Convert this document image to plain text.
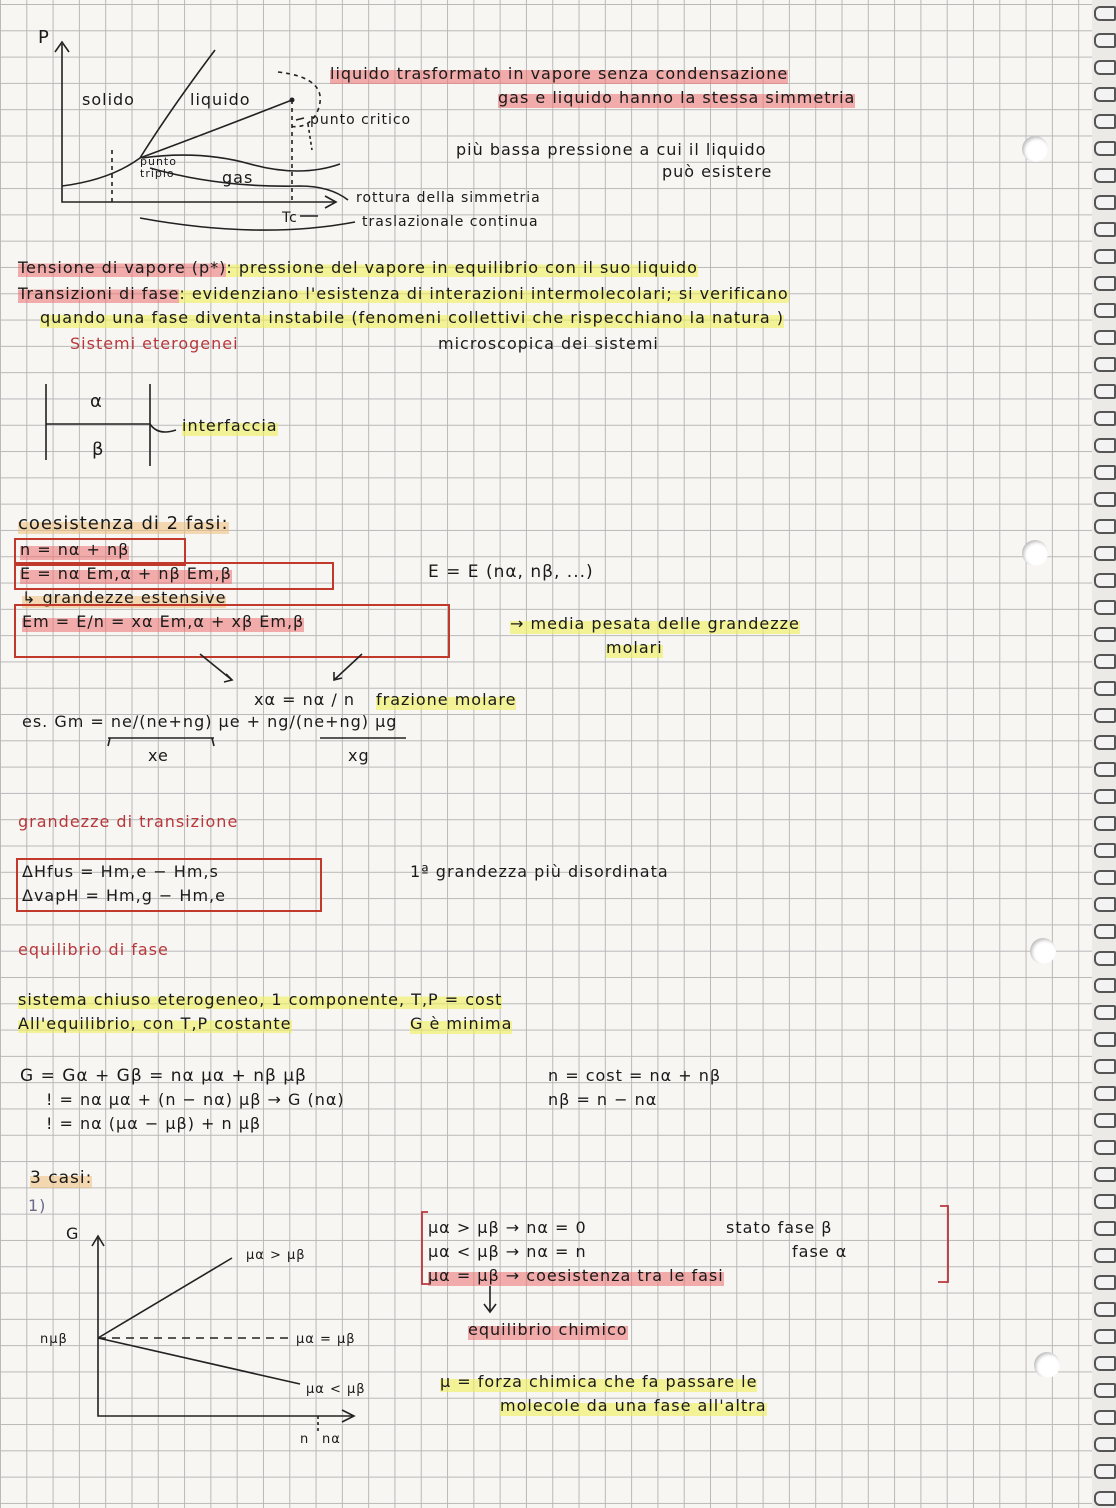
P
solido	liquido
punto triplo	gas
Tc
punto critico
liquido trasformato in vapore senza condensazione
gas e liquido hanno la stessa simmetria
più bassa pressione a cui il liquido
può esistere
rottura della simmetria
traslazionale continua
Tensione di vapore (p*): pressione del vapore in equilibrio con il suo liquido
Transizioni di fase: evidenziano l'esistenza di interazioni intermolecolari; si verificano
quando una fase diventa instabile (fenomeni collettivi che rispecchiano la natura )
Sistemi eterogenei	microscopica dei sistemi
α
β
interfaccia
coesistenza di 2 fasi:
n = nα + nβ
E = nα Em,α + nβ Em,β	E = E (nα, nβ, ...)
↳ grandezze estensive
Em = E/n = xα Em,α + xβ Em,β	→ media pesata delle grandezze
molari
xα = nα / n frazione molare
es. Gm = ne/(ne+ng) μe + ng/(ne+ng) μg
xe	xg
grandezze di transizione
ΔHfus = Hm,e − Hm,s
ΔvapH = Hm,g − Hm,e
1ª grandezza più disordinata
equilibrio di fase
sistema chiuso eterogeneo, 1 componente, T,P = cost
All'equilibrio, con T,P costante	G è minima
G = Gα + Gβ = nα μα + nβ μβ
! = nα μα + (n − nα) μβ → G (nα)
! = nα (μα − μβ) + n μβ
n = cost = nα + nβ
nβ = n − nα
3 casi:
1)
μα > μβ → nα = 0	stato fase β
μα < μβ → nα = n	fase α
μα = μβ → coesistenza tra le fasi
equilibrio chimico
μ = forza chimica che fa passare le
molecole da una fase all'altra
G
nμβ
μα > μβ
μα = μβ
μα < μβ
n nα
